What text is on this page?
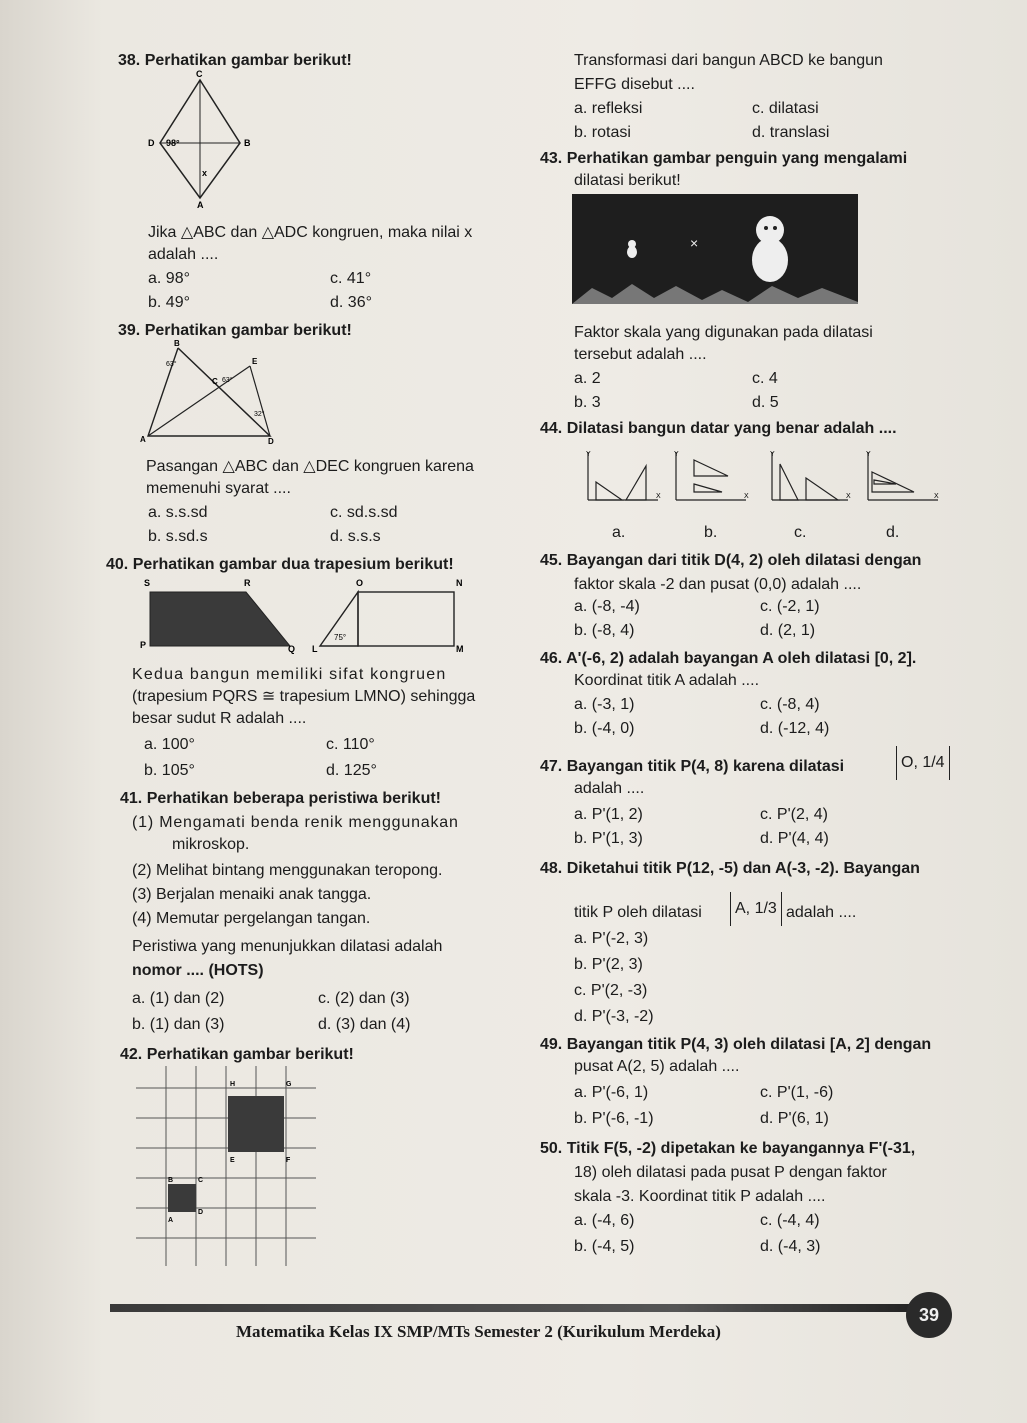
38. Perhatikan gambar berikut!
C
D	B
A
98°
x
Jika △ABC dan △ADC kongruen, maka nilai x
adalah ....
a. 98°
b. 49°
c. 41°
d. 36°
39. Perhatikan gambar berikut!
B
63°	E
63°
C
32°
A	D
Pasangan △ABC dan △DEC kongruen karena
memenuhi syarat ....
a. s.s.sd
b. s.sd.s
c. sd.s.sd
d. s.s.s
40. Perhatikan gambar dua trapesium berikut!
S	R
P	Q
O	N
L	M
75°
Kedua bangun memiliki sifat kongruen
(trapesium PQRS ≅ trapesium LMNO) sehingga
besar sudut R adalah ....
a. 100°
b. 105°
c. 110°
d. 125°
41. Perhatikan beberapa peristiwa berikut!
(1) Mengamati benda renik menggunakan
mikroskop.
(2) Melihat bintang menggunakan teropong.
(3) Berjalan menaiki anak tangga.
(4) Memutar pergelangan tangan.
Peristiwa yang menunjukkan dilatasi adalah
nomor .... (HOTS)
a. (1) dan (2)
b. (1) dan (3)
c. (2) dan (3)
d. (3) dan (4)
42. Perhatikan gambar berikut!
H	G
E	F
B	C
A
D
Transformasi dari bangun ABCD ke bangun
EFFG disebut ....
a. refleksi
b. rotasi
c. dilatasi
d. translasi
43. Perhatikan gambar penguin yang mengalami
dilatasi berikut!
×
Faktor skala yang digunakan pada dilatasi
tersebut adalah ....
a. 2
b. 3
c. 4
d. 5
44. Dilatasi bangun datar yang benar adalah ....
Y
X
Y
X
Y
X
Y
X
a.	b.	c.	d.
45. Bayangan dari titik D(4, 2) oleh dilatasi dengan
faktor skala -2 dan pusat (0,0) adalah ....
a. (-8, -4)
b. (-8, 4)
c. (-2, 1)
d. (2, 1)
46. A'(-6, 2) adalah bayangan A oleh dilatasi [0, 2].
Koordinat titik A adalah ....
a. (-3, 1)
b. (-4, 0)
c. (-8, 4)
d. (-12, 4)
47. Bayangan titik P(4, 8) karena dilatasi	O, 1/4
adalah ....
a. P'(1, 2)
b. P'(1, 3)
c. P'(2, 4)
d. P'(4, 4)
48. Diketahui titik P(12, -5) dan A(-3, -2). Bayangan
titik P oleh dilatasi	A, 1/3 adalah ....
a. P'(-2, 3)
b. P'(2, 3)
c. P'(2, -3)
d. P'(-3, -2)
49. Bayangan titik P(4, 3) oleh dilatasi [A, 2] dengan
pusat A(2, 5) adalah ....
a. P'(-6, 1)
b. P'(-6, -1)
c. P'(1, -6)
d. P'(6, 1)
50. Titik F(5, -2) dipetakan ke bayangannya F'(-31,
18) oleh dilatasi pada pusat P dengan faktor
skala -3. Koordinat titik P adalah ....
a. (-4, 6)
b. (-4, 5)
c. (-4, 4)
d. (-4, 3)
Matematika Kelas IX SMP/MTs Semester 2 (Kurikulum Merdeka)
39
